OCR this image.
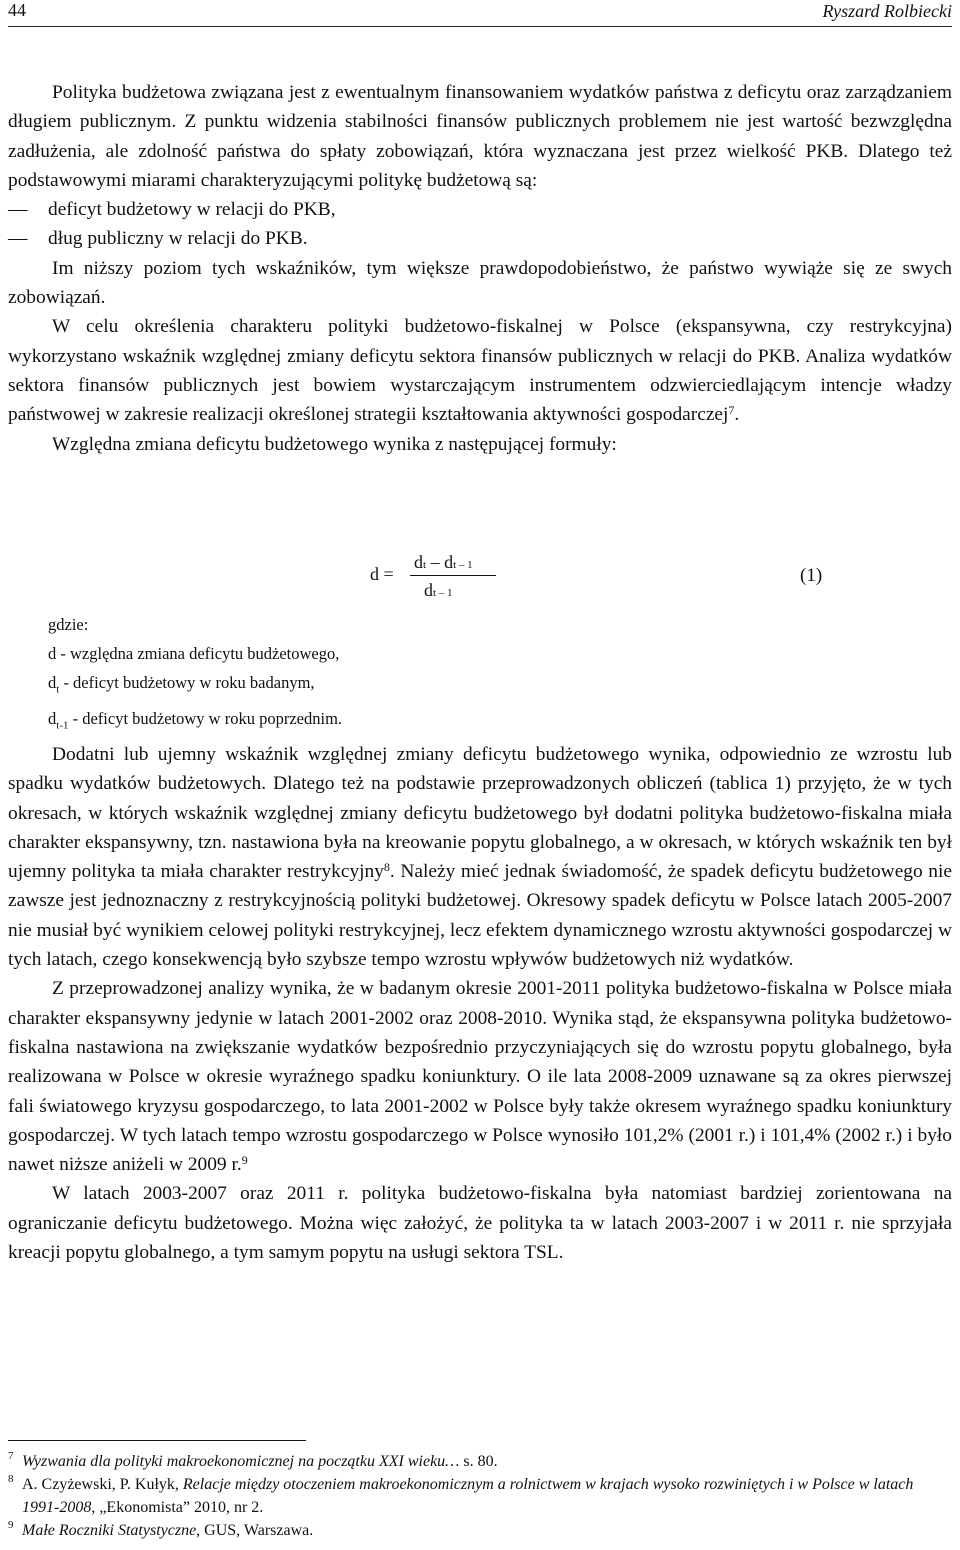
44	Ryszard Rolbiecki

Polityka budżetowa związana jest z ewentualnym finansowaniem wydatków państwa z deficytu oraz zarządzaniem długiem publicznym. Z punktu widzenia stabilności finansów publicznych problemem nie jest wartość bezwzględna zadłużenia, ale zdolność państwa do spłaty zobowiązań, która wyznaczana jest przez wielkość PKB. Dlatego też podstawowymi miarami charakteryzującymi politykę budżetową są:

— deficyt budżetowy w relacji do PKB,
— dług publiczny w relacji do PKB.

Im niższy poziom tych wskaźników, tym większe prawdopodobieństwo, że państwo wywiąże się ze swych zobowiązań.

W celu określenia charakteru polityki budżetowo-fiskalnej w Polsce (ekspansywna, czy restrykcyjna) wykorzystano wskaźnik względnej zmiany deficytu sektora finansów publicznych w relacji do PKB. Analiza wydatków sektora finansów publicznych jest bowiem wystarczającym instrumentem odzwierciedlającym intencje władzy państwowej w zakresie realizacji określonej strategii kształtowania aktywności gospodarczej$^7$.

Względna zmiana deficytu budżetowego wynika z następującej formuły:

d =
dt – dt – 1
dt – 1
(1)
gdzie:
d - względna zmiana deficytu budżetowego,
$d_t$ - deficyt budżetowy w roku badanym,
$d_{t-1}$ - deficyt budżetowy w roku poprzednim.

Dodatni lub ujemny wskaźnik względnej zmiany deficytu budżetowego wynika, odpowiednio ze wzrostu lub spadku wydatków budżetowych. Dlatego też na podstawie przeprowadzonych obliczeń (tablica 1) przyjęto, że w tych okresach, w których wskaźnik względnej zmiany deficytu budżetowego był dodatni polityka budżetowo-fiskalna miała charakter ekspansywny, tzn. nastawiona była na kreowanie popytu globalnego, a w okresach, w których wskaźnik ten był ujemny polityka ta miała charakter restrykcyjny$^8$. Należy mieć jednak świadomość, że spadek deficytu budżetowego nie zawsze jest jednoznaczny z restrykcyjnością polityki budżetowej. Okresowy spadek deficytu w Polsce latach 2005-2007 nie musiał być wynikiem celowej polityki restrykcyjnej, lecz efektem dynamicznego wzrostu aktywności gospodarczej w tych latach, czego konsekwencją było szybsze tempo wzrostu wpływów budżetowych niż wydatków.

Z przeprowadzonej analizy wynika, że w badanym okresie 2001-2011 polityka budżetowo-fiskalna w Polsce miała charakter ekspansywny jedynie w latach 2001-2002 oraz 2008-2010. Wynika stąd, że ekspansywna polityka budżetowo-fiskalna nastawiona na zwiększanie wydatków bezpośrednio przyczyniających się do wzrostu popytu globalnego, była realizowana w Polsce w okresie wyraźnego spadku koniunktury. O ile lata 2008-2009 uznawane są za okres pierwszej fali światowego kryzysu gospodarczego, to lata 2001-2002 w Polsce były także okresem wyraźnego spadku koniunktury gospodarczej. W tych latach tempo wzrostu gospodarczego w Polsce wynosiło 101,2% (2001 r.) i 101,4% (2002 r.) i było nawet niższe aniżeli w 2009 r.$^9$

W latach 2003-2007 oraz 2011 r. polityka budżetowo-fiskalna była natomiast bardziej zorientowana na ograniczanie deficytu budżetowego. Można więc założyć, że polityka ta w latach 2003-2007 i w 2011 r. nie sprzyjała kreacji popytu globalnego, a tym samym popytu na usługi sektora TSL.

7 Wyzwania dla polityki makroekonomicznej na początku XXI wieku… s. 80.
8 A. Czyżewski, P. Kułyk, Relacje między otoczeniem makroekonomicznym a rolnictwem w krajach wysoko rozwiniętych i w Polsce w latach 1991-2008, „Ekonomista” 2010, nr 2.
9 Małe Roczniki Statystyczne, GUS, Warszawa.
